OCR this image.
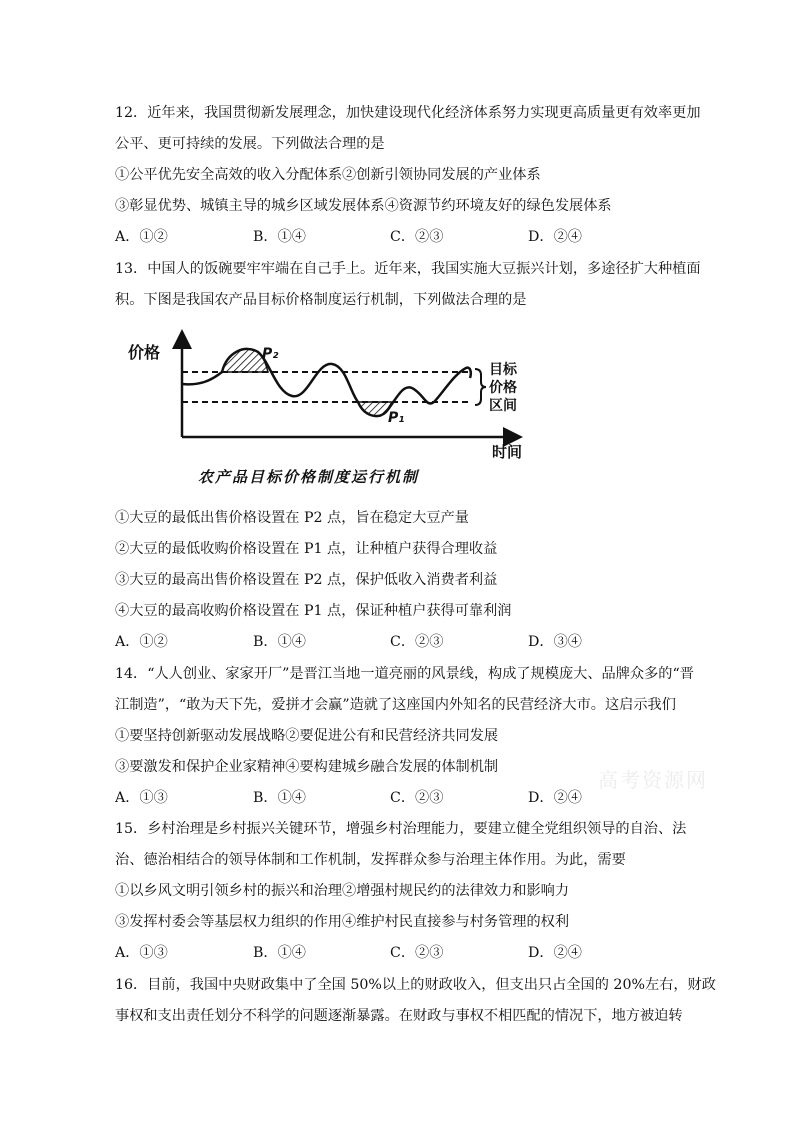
12．近年来，我国贯彻新发展理念，加快建设现代化经济体系努力实现更高质量更有效率更加
公平、更可持续的发展。下列做法合理的是
①公平优先安全高效的收入分配体系②创新引领协同发展的产业体系
③彰显优势、城镇主导的城乡区域发展体系④资源节约环境友好的绿色发展体系
A．①②	B．①④	C．②③	D．②④
13．中国人的饭碗要牢牢端在自己手上。近年来，我国实施大豆振兴计划，多途径扩大种植面
积。下图是我国农产品目标价格制度运行机制，下列做法合理的是
价格
时间
P₂
P₁
目标
价格
区间
农产品目标价格制度运行机制
①大豆的最低出售价格设置在 P2 点，旨在稳定大豆产量
②大豆的最低收购价格设置在 P1 点，让种植户获得合理收益
③大豆的最高出售价格设置在 P2 点，保护低收入消费者利益
④大豆的最高收购价格设置在 P1 点，保证种植户获得可靠利润
A．①②	B．①④	C．②③	D．③④
14．“人人创业、家家开厂”是晋江当地一道亮丽的风景线，构成了规模庞大、品牌众多的“晋
江制造”，“敢为天下先，爱拼才会赢”造就了这座国内外知名的民营经济大市。这启示我们
①要坚持创新驱动发展战略②要促进公有和民营经济共同发展
③要激发和保护企业家精神④要构建城乡融合发展的体制机制
A．①③	B．①④	C．②③	D．②④
15．乡村治理是乡村振兴关键环节，增强乡村治理能力，要建立健全党组织领导的自治、法
治、德治相结合的领导体制和工作机制，发挥群众参与治理主体作用。为此，需要
①以乡风文明引领乡村的振兴和治理②增强村规民约的法律效力和影响力
③发挥村委会等基层权力组织的作用④维护村民直接参与村务管理的权利
A．①③	B．①④	C．②③	D．②④
16．目前，我国中央财政集中了全国 50%以上的财政收入，但支出只占全国的 20%左右，财政
事权和支出责任划分不科学的问题逐渐暴露。在财政与事权不相匹配的情况下，地方被迫转
高考资源网
